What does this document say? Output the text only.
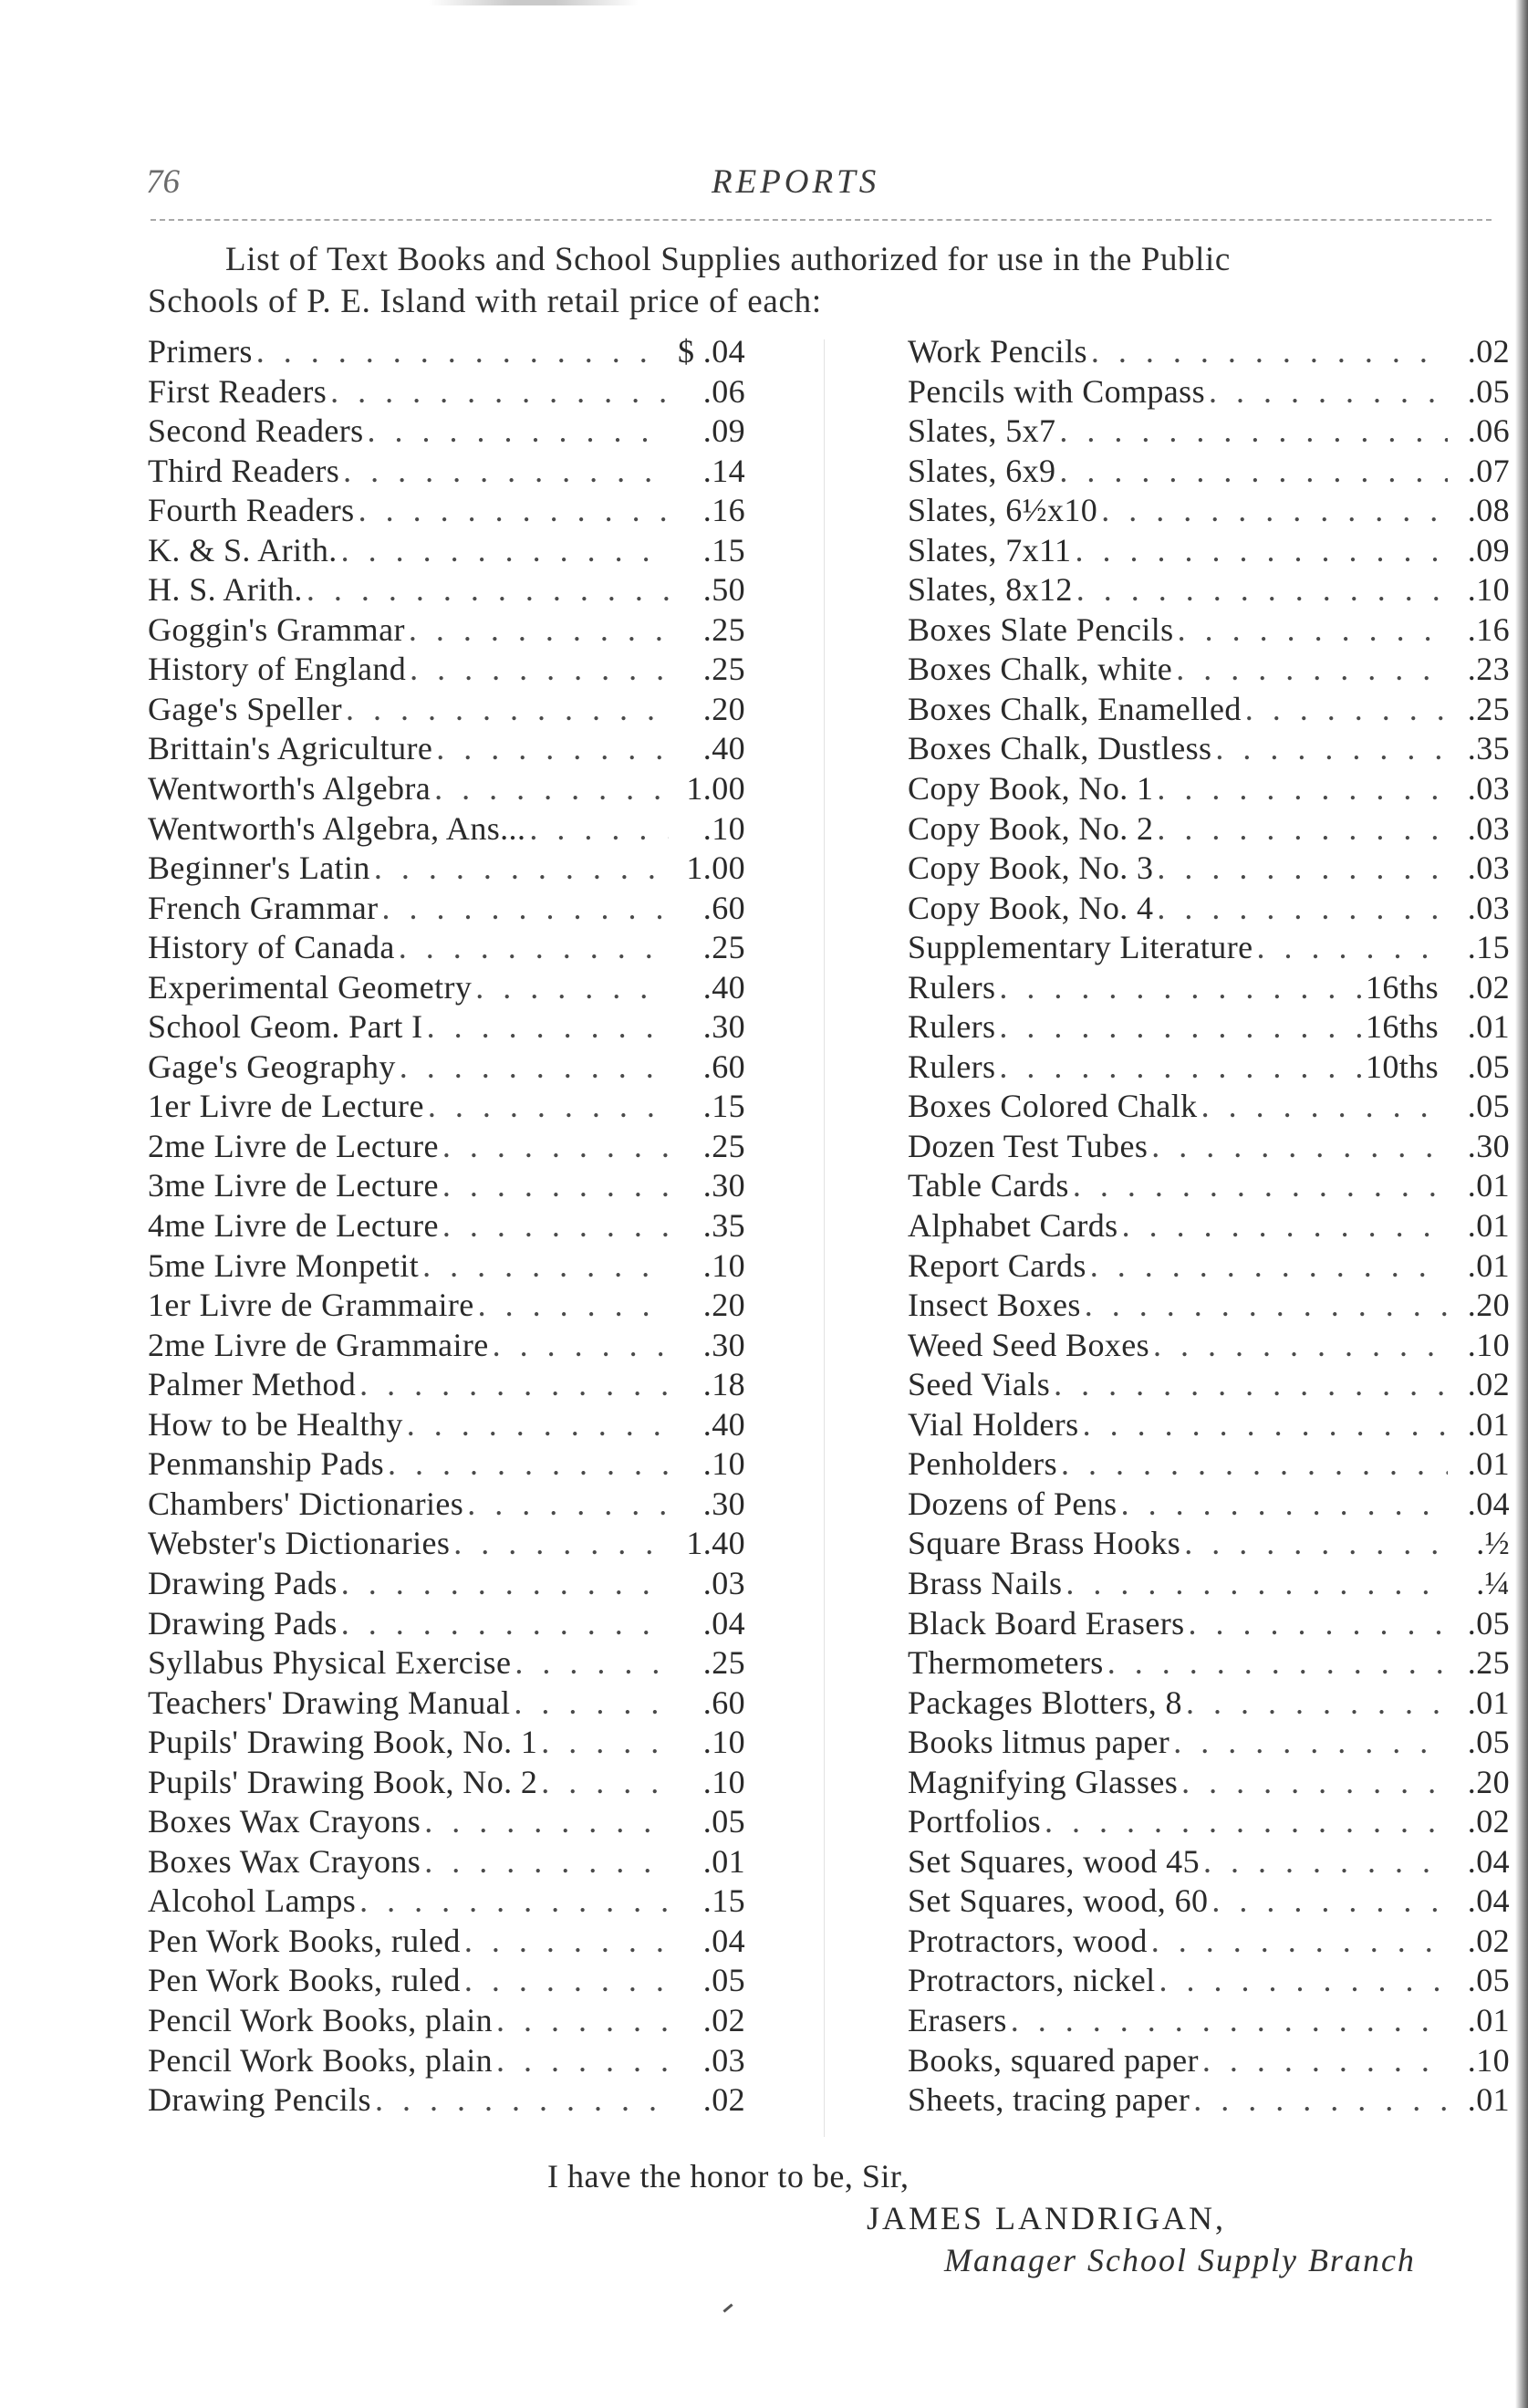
76	REPORTS
List of Text Books and School Supplies authorized for use in the Public
Schools of P. E. Island with retail price of each:
Primers . . .	$ .04
First Readers . . .	.06
Second Readers . . .	.09
Third Readers . . .	.14
Fourth Readers . . .	.16
K. & S. Arith. . . .	.15
H. S. Arith. . . .	.50
Goggin's Grammar . . .	.25
History of England . . .	.25
Gage's Speller . . .	.20
Brittain's Agriculture . . .	.40
Wentworth's Algebra . . .	1.00
Wentworth's Algebra, Ans... . . .	.10
Beginner's Latin . . .	1.00
French Grammar . . .	.60
History of Canada . . .	.25
Experimental Geometry . . .	.40
School Geom. Part I . . .	.30
Gage's Geography . . .	.60
1er Livre de Lecture . . .	.15
2me Livre de Lecture . . .	.25
3me Livre de Lecture . . .	.30
4me Livre de Lecture . . .	.35
5me Livre Monpetit . . .	.10
1er Livre de Grammaire . . .	.20
2me Livre de Grammaire . . .	.30
Palmer Method . . .	.18
How to be Healthy . . .	.40
Penmanship Pads . . .	.10
Chambers' Dictionaries . . .	.30
Webster's Dictionaries . . .	1.40
Drawing Pads . . .	.03
Drawing Pads . . .	.04
Syllabus Physical Exercise . . .	.25
Teachers' Drawing Manual . . .	.60
Pupils' Drawing Book, No. 1 . . .	.10
Pupils' Drawing Book, No. 2 . . .	.10
Boxes Wax Crayons . . .	.05
Boxes Wax Crayons . . .	.01
Alcohol Lamps . . .	.15
Pen Work Books, ruled . . .	.04
Pen Work Books, ruled . . .	.05
Pencil Work Books, plain . . .	.02
Pencil Work Books, plain . . .	.03
Drawing Pencils . . .	.02
Work Pencils . . .	.02
Pencils with Compass . . .	.05
Slates, 5x7 . . .	.06
Slates, 6x9 . . .	.07
Slates, 6½x10 . . .	.08
Slates, 7x11 . . .	.09
Slates, 8x12 . . .	.10
Boxes Slate Pencils . . .	.16
Boxes Chalk, white . . .	.23
Boxes Chalk, Enamelled . . .	.25
Boxes Chalk, Dustless . . .	.35
Copy Book, No. 1 . . .	.03
Copy Book, No. 2 . . .	.03
Copy Book, No. 3 . . .	.03
Copy Book, No. 4 . . .	.03
Supplementary Literature . . .	.15
Rulers . . .	16ths .02
Rulers . . .	16ths .01
Rulers . . .	10ths .05
Boxes Colored Chalk . . .	.05
Dozen Test Tubes . . .	.30
Table Cards . . .	.01
Alphabet Cards . . .	.01
Report Cards . . .	.01
Insect Boxes . . .	.20
Weed Seed Boxes . . .	.10
Seed Vials . . .	.02
Vial Holders . . .	.01
Penholders . . .	.01
Dozens of Pens . . .	.04
Square Brass Hooks . . .	.½
Brass Nails . . .	.¼
Black Board Erasers . . .	.05
Thermometers . . .	.25
Packages Blotters, 8 . . .	.01
Books litmus paper . . .	.05
Magnifying Glasses . . .	.20
Portfolios . . .	.02
Set Squares, wood 45 . . .	.04
Set Squares, wood, 60 . . .	.04
Protractors, wood . . .	.02
Protractors, nickel . . .	.05
Erasers . . .	.01
Books, squared paper . . .	.10
Sheets, tracing paper . . .	.01
I have the honor to be, Sir,
JAMES LANDRIGAN,
Manager School Supply Branch
